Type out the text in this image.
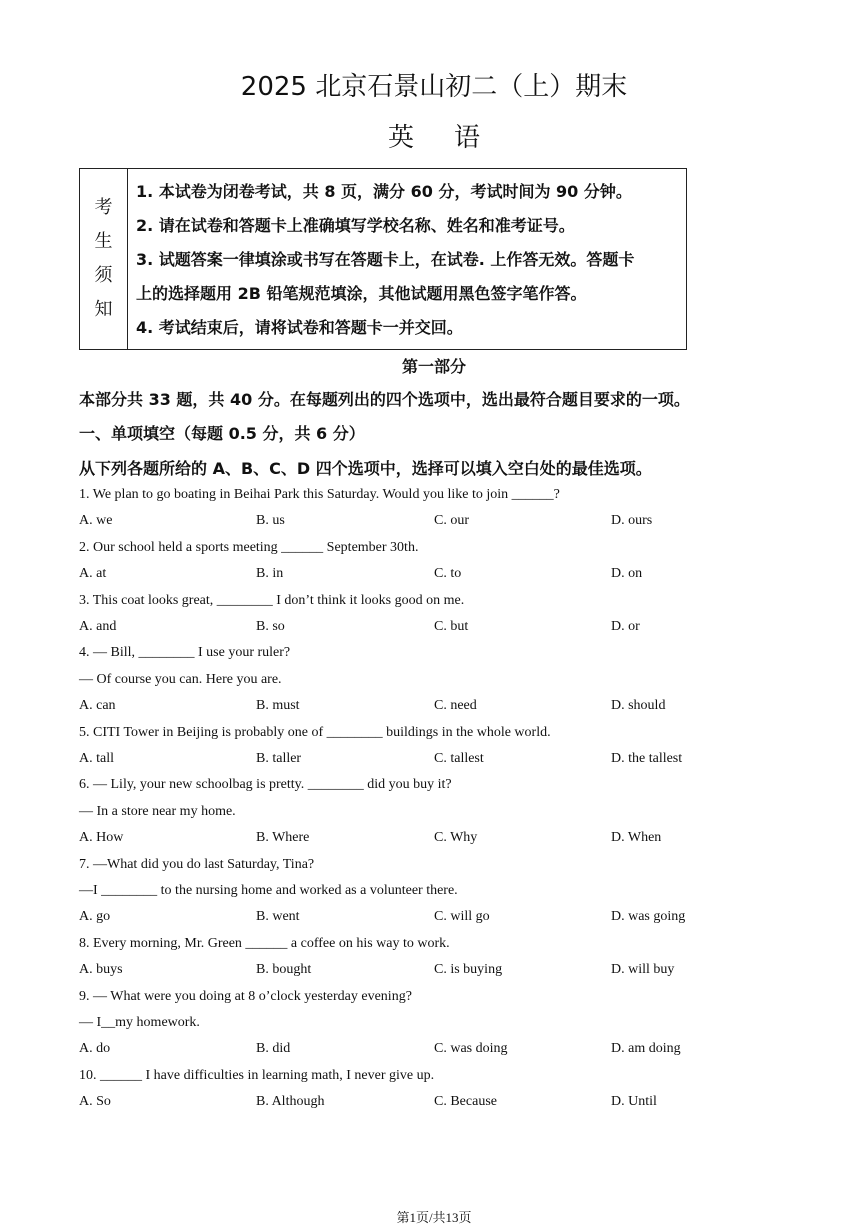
2025 北京石景山初二（上）期末
英语
考
生
须
知
1. 本试卷为闭卷考试，共 8 页，满分 60 分，考试时间为 90 分钟。
2. 请在试卷和答题卡上准确填写学校名称、姓名和准考证号。
3. 试题答案一律填涂或书写在答题卡上，在试卷. 上作答无效。答题卡
上的选择题用 2B 铅笔规范填涂，其他试题用黑色签字笔作答。
4. 考试结束后，请将试卷和答题卡一并交回。
第一部分
本部分共 33 题，共 40 分。在每题列出的四个选项中，选出最符合题目要求的一项。
一、单项填空（每题 0.5 分，共 6 分）
从下列各题所给的 A、B、C、D 四个选项中，选择可以填入空白处的最佳选项。
1. We plan to go boating in Beihai Park this Saturday. Would you like to join ______?
A. we	B. us	C. our	D. ours
2. Our school held a sports meeting ______ September 30th.
A. at	B. in	C. to	D. on
3. This coat looks great, ________ I don’t think it looks good on me.
A. and	B. so	C. but	D. or
4. — Bill, ________ I use your ruler?
— Of course you can. Here you are.
A. can	B. must	C. need	D. should
5. CITI Tower in Beijing is probably one of ________ buildings in the whole world.
A. tall	B. taller	C. tallest	D. the tallest
6. — Lily, your new schoolbag is pretty. ________ did you buy it?
— In a store near my home.
A. How	B. Where	C. Why	D. When
7. —What did you do last Saturday, Tina?
—I ________ to the nursing home and worked as a volunteer there.
A. go	B. went	C. will go	D. was going
8. Every morning, Mr. Green ______ a coffee on his way to work.
A. buys	B. bought	C. is buying	D. will buy
9. — What were you doing at 8 o’clock yesterday evening?
— I__my homework.
A. do	B. did	C. was doing	D. am doing
10. ______ I have difficulties in learning math, I never give up.
A. So	B. Although	C. Because	D. Until
第1页/共13页
